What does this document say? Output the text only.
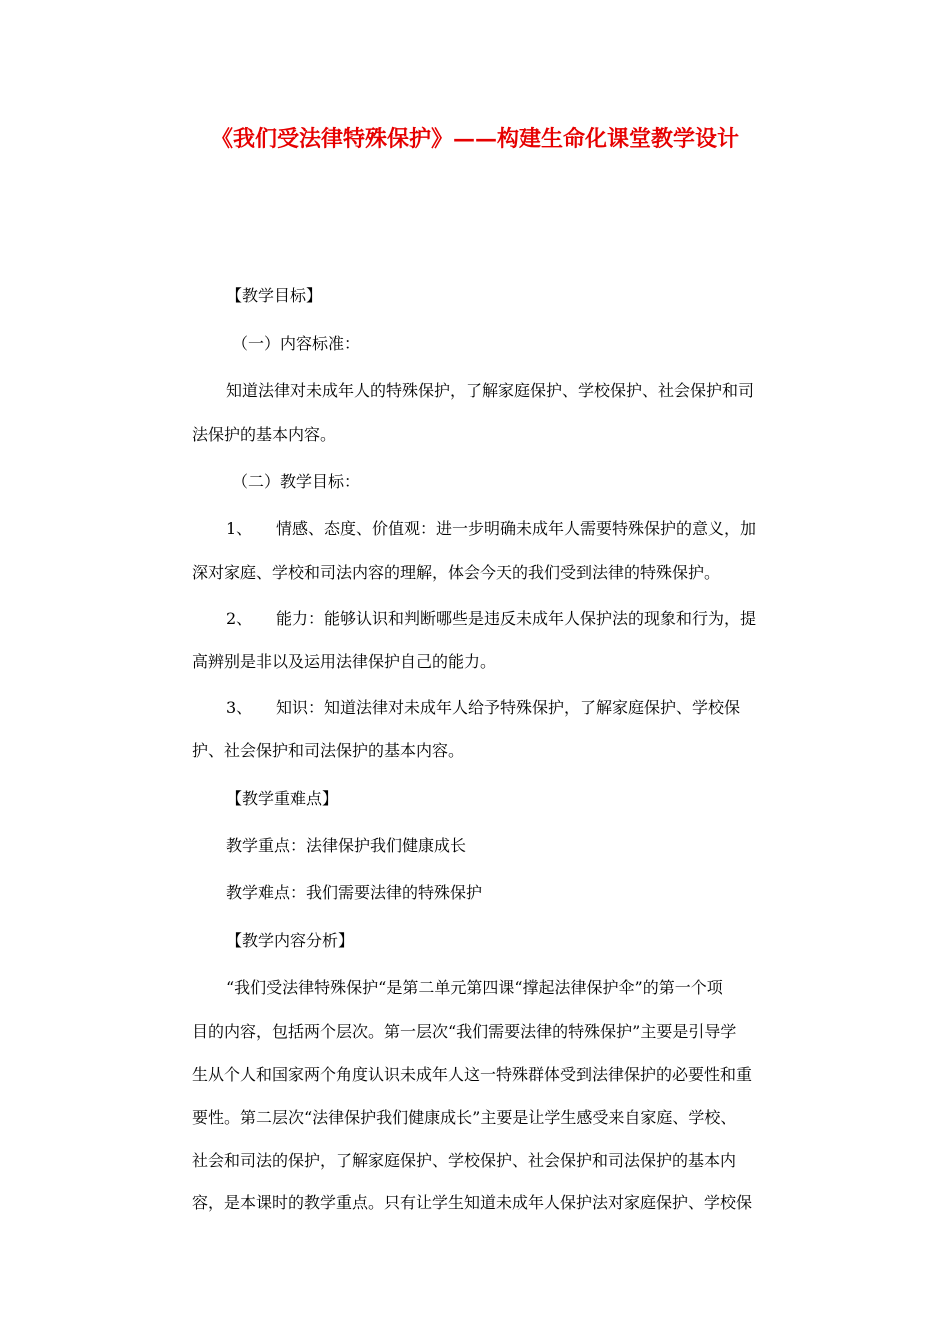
《我们受法律特殊保护》——构建生命化课堂教学设计
【教学目标】
（一）内容标准：
知道法律对未成年人的特殊保护，了解家庭保护、学校保护、社会保护和司
法保护的基本内容。
（二）教学目标：
1、 情感、态度、价值观：进一步明确未成年人需要特殊保护的意义，加
深对家庭、学校和司法内容的理解，体会今天的我们受到法律的特殊保护。
2、 能力：能够认识和判断哪些是违反未成年人保护法的现象和行为，提
高辨别是非以及运用法律保护自己的能力。
3、 知识：知道法律对未成年人给予特殊保护，了解家庭保护、学校保
护、社会保护和司法保护的基本内容。
【教学重难点】
教学重点：法律保护我们健康成长
教学难点：我们需要法律的特殊保护
【教学内容分析】
“我们受法律特殊保护“是第二单元第四课“撑起法律保护伞”的第一个项
目的内容，包括两个层次。第一层次“我们需要法律的特殊保护”主要是引导学
生从个人和国家两个角度认识未成年人这一特殊群体受到法律保护的必要性和重
要性。第二层次“法律保护我们健康成长”主要是让学生感受来自家庭、学校、
社会和司法的保护，了解家庭保护、学校保护、社会保护和司法保护的基本内
容，是本课时的教学重点。只有让学生知道未成年人保护法对家庭保护、学校保
